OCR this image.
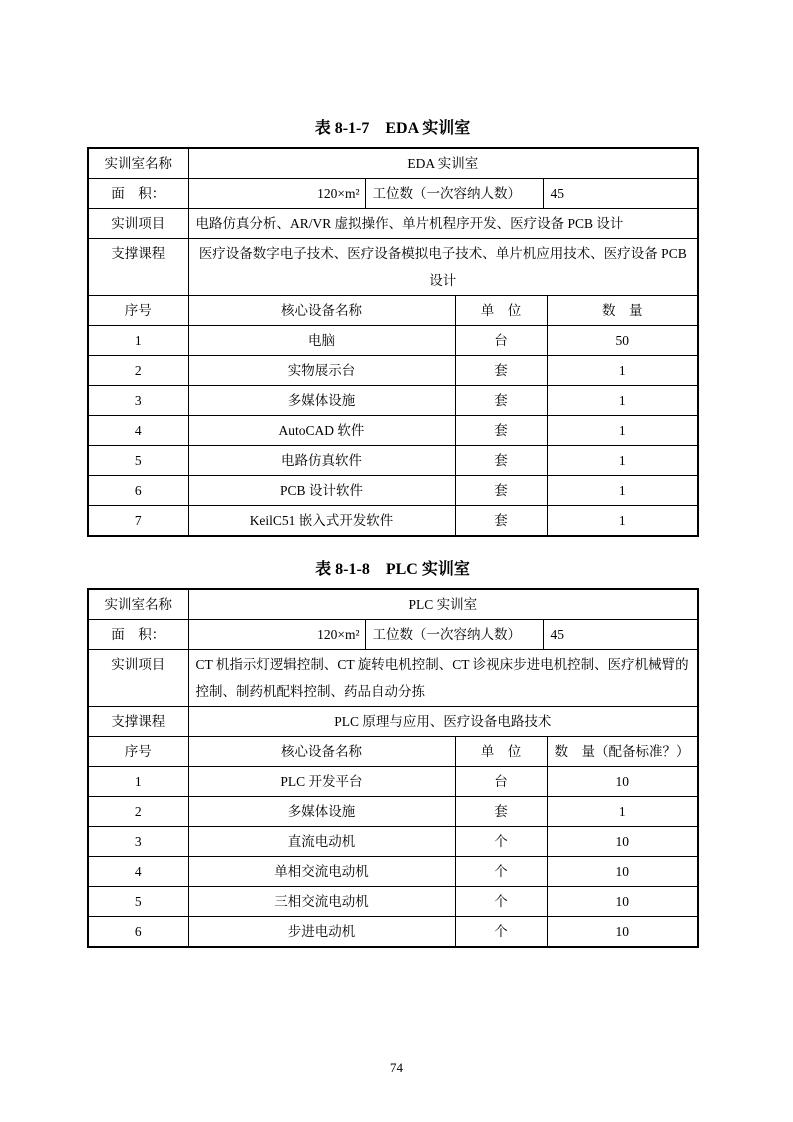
表 8-1-7　EDA 实训室
实训室名称	EDA 实训室				
面　积：	120×m²	工位数（一次容纳人数）		45	
实训项目	电路仿真分析、AR/VR 虚拟操作、单片机程序开发、医疗设备 PCB 设计				
支撑课程	医疗设备数字电子技术、医疗设备模拟电子技术、单片机应用技术、医疗设备 PCB 设计				
序号	核心设备名称		单　位		数　量
1	电脑		台		50
2	实物展示台		套		1
3	多媒体设施		套		1
4	AutoCAD 软件		套		1
5	电路仿真软件		套		1
6	PCB 设计软件		套		1
7	KeilC51 嵌入式开发软件		套		1
表 8-1-8　PLC 实训室
实训室名称	PLC 实训室				
面　积：	120×m²	工位数（一次容纳人数）		45	
实训项目	CT 机指示灯逻辑控制、CT 旋转电机控制、CT 诊视床步进电机控制、医疗机械臂的控制、制药机配料控制、药品自动分拣				
支撑课程	PLC 原理与应用、医疗设备电路技术				
序号	核心设备名称		单　位		数　量（配备标准？）
1	PLC 开发平台		台		10
2	多媒体设施		套		1
3	直流电动机		个		10
4	单相交流电动机		个		10
5	三相交流电动机		个		10
6	步进电动机		个		10
74
